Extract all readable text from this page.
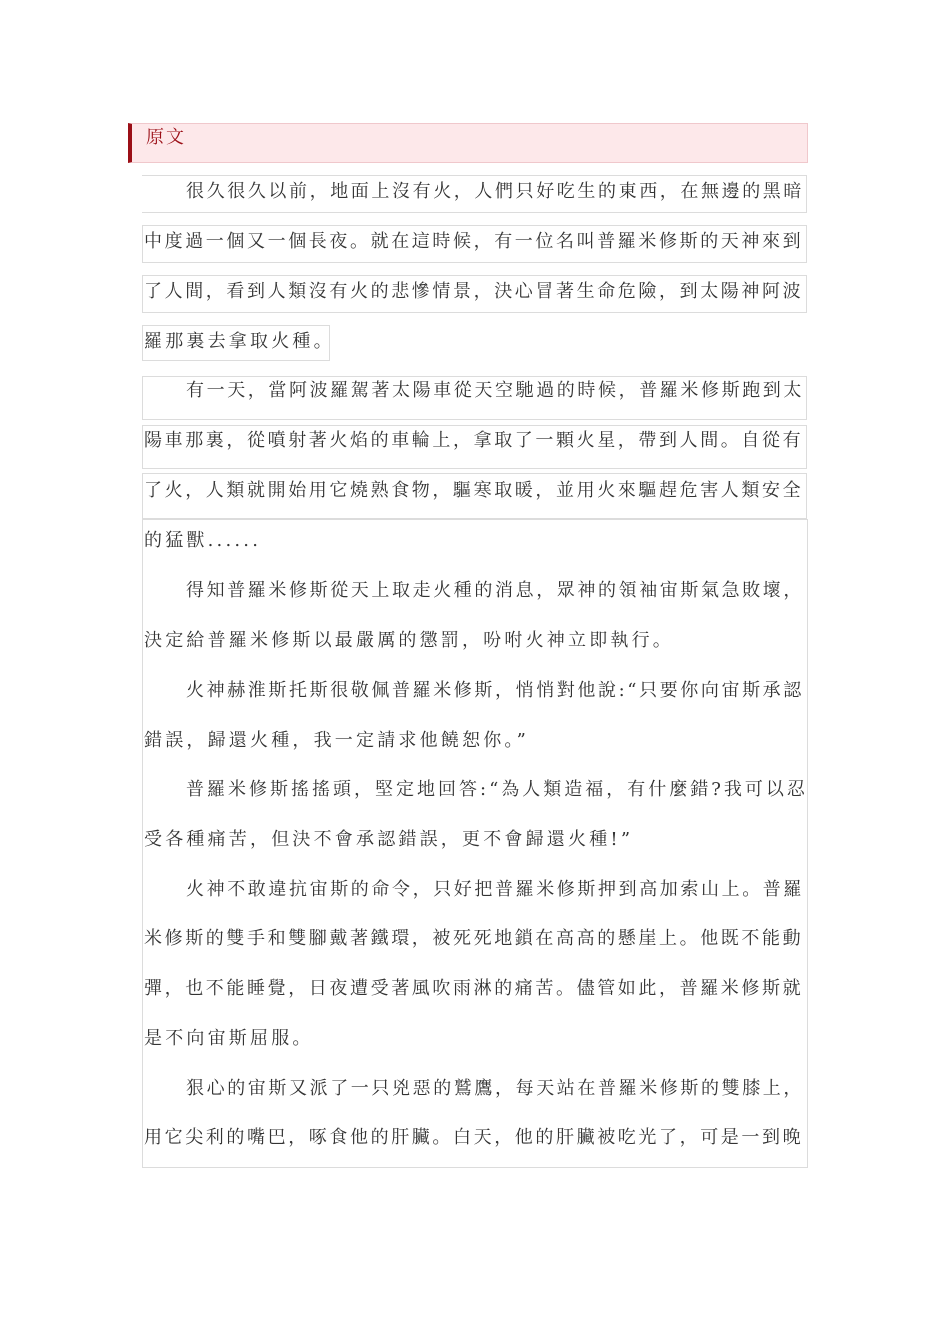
原文
很久很久以前，地面上沒有火，人們只好吃生的東西，在無邊的黑暗
中度過一個又一個長夜。就在這時候，有一位名叫普羅米修斯的天神來到
了人間，看到人類沒有火的悲慘情景，決心冒著生命危險，到太陽神阿波
羅那裏去拿取火種。
有一天，當阿波羅駕著太陽車從天空馳過的時候，普羅米修斯跑到太
陽車那裏，從噴射著火焰的車輪上，拿取了一顆火星，帶到人間。自從有
了火，人類就開始用它燒熟食物，驅寒取暖，並用火來驅趕危害人類安全
的猛獸......
得知普羅米修斯從天上取走火種的消息，眾神的領袖宙斯氣急敗壞，
決定給普羅米修斯以最嚴厲的懲罰，吩咐火神立即執行。
火神赫淮斯托斯很敬佩普羅米修斯，悄悄對他說:“只要你向宙斯承認
錯誤，歸還火種，我一定請求他饒恕你。”
普羅米修斯搖搖頭，堅定地回答:“為人類造福，有什麼錯?我可以忍
受各種痛苦，但決不會承認錯誤，更不會歸還火種!”
火神不敢違抗宙斯的命令，只好把普羅米修斯押到高加索山上。普羅
米修斯的雙手和雙腳戴著鐵環，被死死地鎖在高高的懸崖上。他既不能動
彈，也不能睡覺，日夜遭受著風吹雨淋的痛苦。儘管如此，普羅米修斯就
是不向宙斯屈服。
狠心的宙斯又派了一只兇惡的鷲鷹，每天站在普羅米修斯的雙膝上，
用它尖利的嘴巴，啄食他的肝臟。白天，他的肝臟被吃光了，可是一到晚
